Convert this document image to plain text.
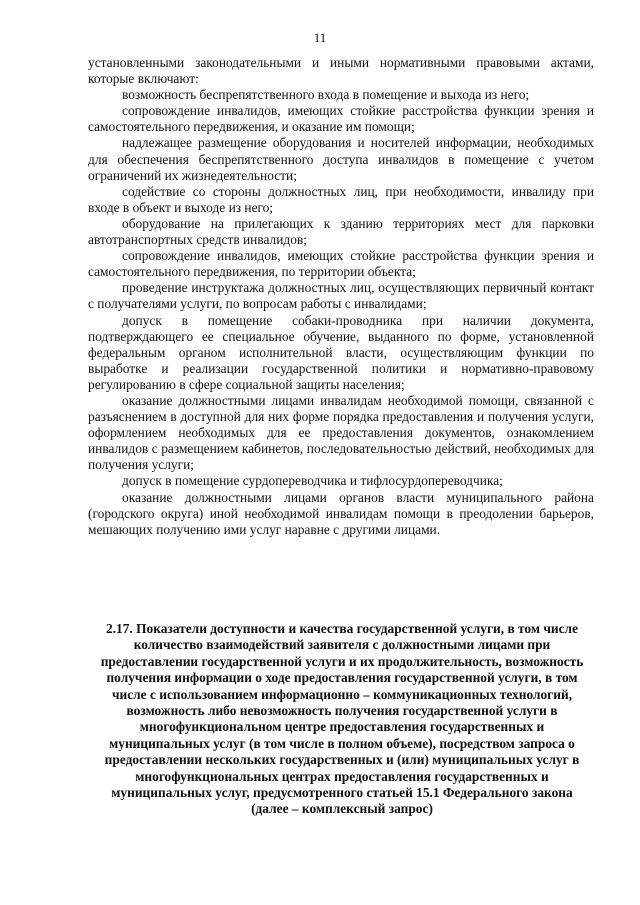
11

установленными законодательными и иными нормативными правовыми актами, которые включают:

возможность беспрепятственного входа в помещение и выхода из него;

сопровождение инвалидов, имеющих стойкие расстройства функции зрения и самостоятельного передвижения, и оказание им помощи;

надлежащее размещение оборудования и носителей информации, необходимых для обеспечения беспрепятственного доступа инвалидов в помещение с учетом ограничений их жизнедеятельности;

содействие со стороны должностных лиц, при необходимости, инвалиду при входе в объект и выходе из него;

оборудование на прилегающих к зданию территориях мест для парковки автотранспортных средств инвалидов;

сопровождение инвалидов, имеющих стойкие расстройства функции зрения и самостоятельного передвижения, по территории объекта;

проведение инструктажа должностных лиц, осуществляющих первичный контакт с получателями услуги, по вопросам работы с инвалидами;

допуск в помещение собаки-проводника при наличии документа, подтверждающего ее специальное обучение, выданного по форме, установленной федеральным органом исполнительной власти, осуществляющим функции по выработке и реализации государственной политики и нормативно-правовому регулированию в сфере социальной защиты населения;

оказание должностными лицами инвалидам необходимой помощи, связанной с разъяснением в доступной для них форме порядка предоставления и получения услуги, оформлением необходимых для ее предоставления документов, ознакомлением инвалидов с размещением кабинетов, последовательностью действий, необходимых для получения услуги;

допуск в помещение сурдопереводчика и тифлосурдопереводчика;

оказание должностными лицами органов власти муниципального района (городского округа) иной необходимой инвалидам помощи в преодолении барьеров, мешающих получению ими услуг наравне с другими лицами.

2.17. Показатели доступности и качества государственной услуги, в том числе количество взаимодействий заявителя с должностными лицами при предоставлении государственной услуги и их продолжительность, возможность получения информации о ходе предоставления государственной услуги, в том числе с использованием информационно – коммуникационных технологий, возможность либо невозможность получения государственной услуги в многофункциональном центре предоставления государственных и муниципальных услуг (в том числе в полном объеме), посредством запроса о предоставлении нескольких государственных и (или) муниципальных услуг в многофункциональных центрах предоставления государственных и муниципальных услуг, предусмотренного статьей 15.1 Федерального закона (далее – комплексный запрос)
